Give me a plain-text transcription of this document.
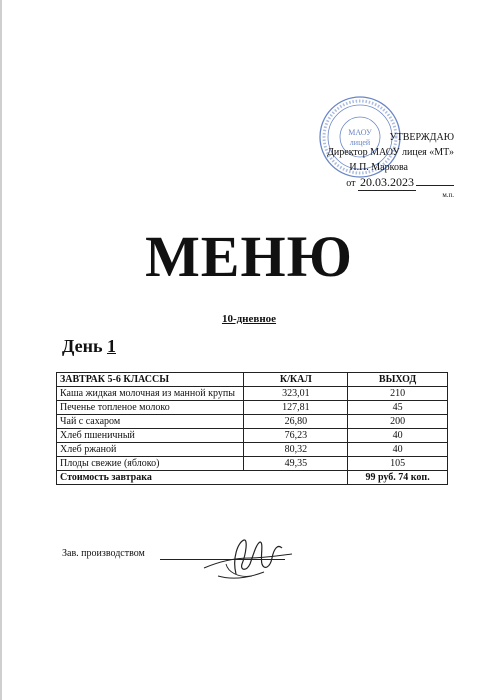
МАОУ
лицей	УТВЕРЖДАЮ
Директор МАОУ лицея «МТ»
И.П. Маркова
от 20.03.2023
м.п.
МЕНЮ
10-дневное
День 1
ЗАВТРАК 5-6 КЛАССЫ	К/КАЛ	ВЫХОД
Каша жидкая молочная из манной крупы	323,01	210
Печенье топленое молоко	127,81	45
Чай с сахаром	26,80	200
Хлеб пшеничный	76,23	40
Хлеб ржаной	80,32	40
Плоды свежие (яблоко)	49,35	105
Стоимость завтрака		99 руб. 74 коп.
Зав. производством
